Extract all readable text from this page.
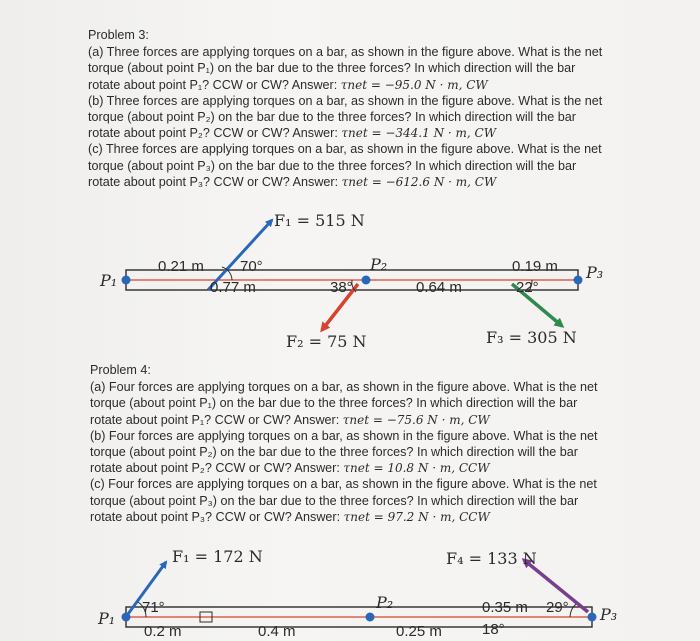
Problem 3:

(a) Three forces are applying torques on a bar, as shown in the figure above. What is the net torque (about point P₁) on the bar due to the three forces? In which direction will the bar rotate about point P₁? CCW or CW? Answer: τnet = −95.0 N · m, CW

(b) Three forces are applying torques on a bar, as shown in the figure above. What is the net torque (about point P₂) on the bar due to the three forces? In which direction will the bar rotate about point P₂? CCW or CW? Answer: τnet = −344.1 N · m, CW

(c) Three forces are applying torques on a bar, as shown in the figure above. What is the net torque (about point P₃) on the bar due to the three forces? In which direction will the bar rotate about point P₃? CCW or CW? Answer: τnet = −612.6 N · m, CW

Problem 4:

(a) Four forces are applying torques on a bar, as shown in the figure above. What is the net torque (about point P₁) on the bar due to the three forces? In which direction will the bar rotate about point P₁? CCW or CW? Answer: τnet = −75.6 N · m, CW

(b) Four forces are applying torques on a bar, as shown in the figure above. What is the net torque (about point P₂) on the bar due to the three forces? In which direction will the bar rotate about point P₂? CCW or CW? Answer: τnet = 10.8 N · m, CCW

(c) Four forces are applying torques on a bar, as shown in the figure above. What is the net torque (about point P₃) on the bar due to the three forces? In which direction will the bar rotate about point P₃? CCW or CW? Answer: τnet = 97.2 N · m, CCW

F₁ = 515 N
F₂ = 75 N	F₃ = 305 N
P₁
P₂	P₃
0.21 m
0.77 m	0.64 m
0.19 m
70°
38°	22°
F₁ = 172 N	F₄ = 133 N
P₁
P₂
P₃
0.2 m	0.4 m	0.25 m
0.35 m
71°	29°
18°
